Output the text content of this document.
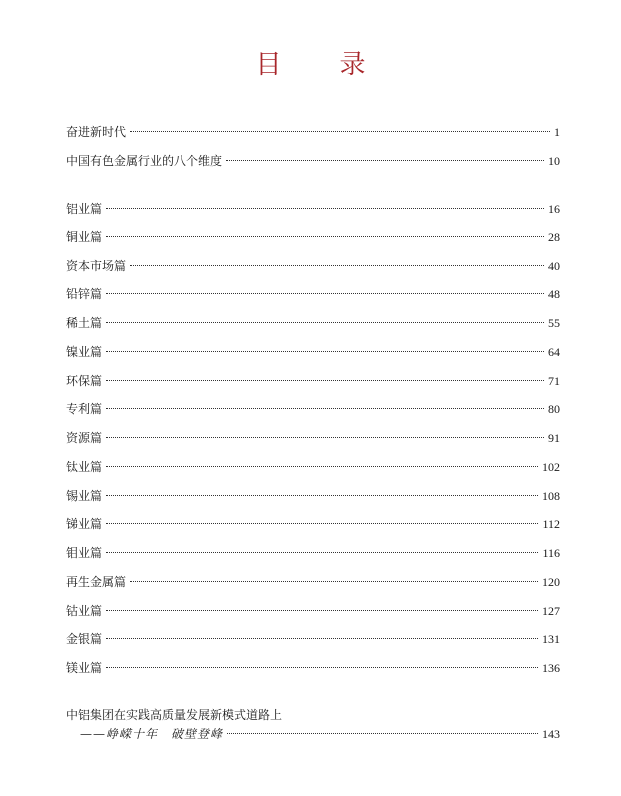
目 录
奋进新时代	1
中国有色金属行业的八个维度	10
铝业篇	16
铜业篇	28
资本市场篇	40
铅锌篇	48
稀土篇	55
镍业篇	64
环保篇	71
专利篇	80
资源篇	91
钛业篇	102
锡业篇	108
锑业篇	112
钼业篇	116
再生金属篇	120
钴业篇	127
金银篇	131
镁业篇	136
中铝集团在实践高质量发展新模式道路上
——峥嵘十年　破壁登峰	143
